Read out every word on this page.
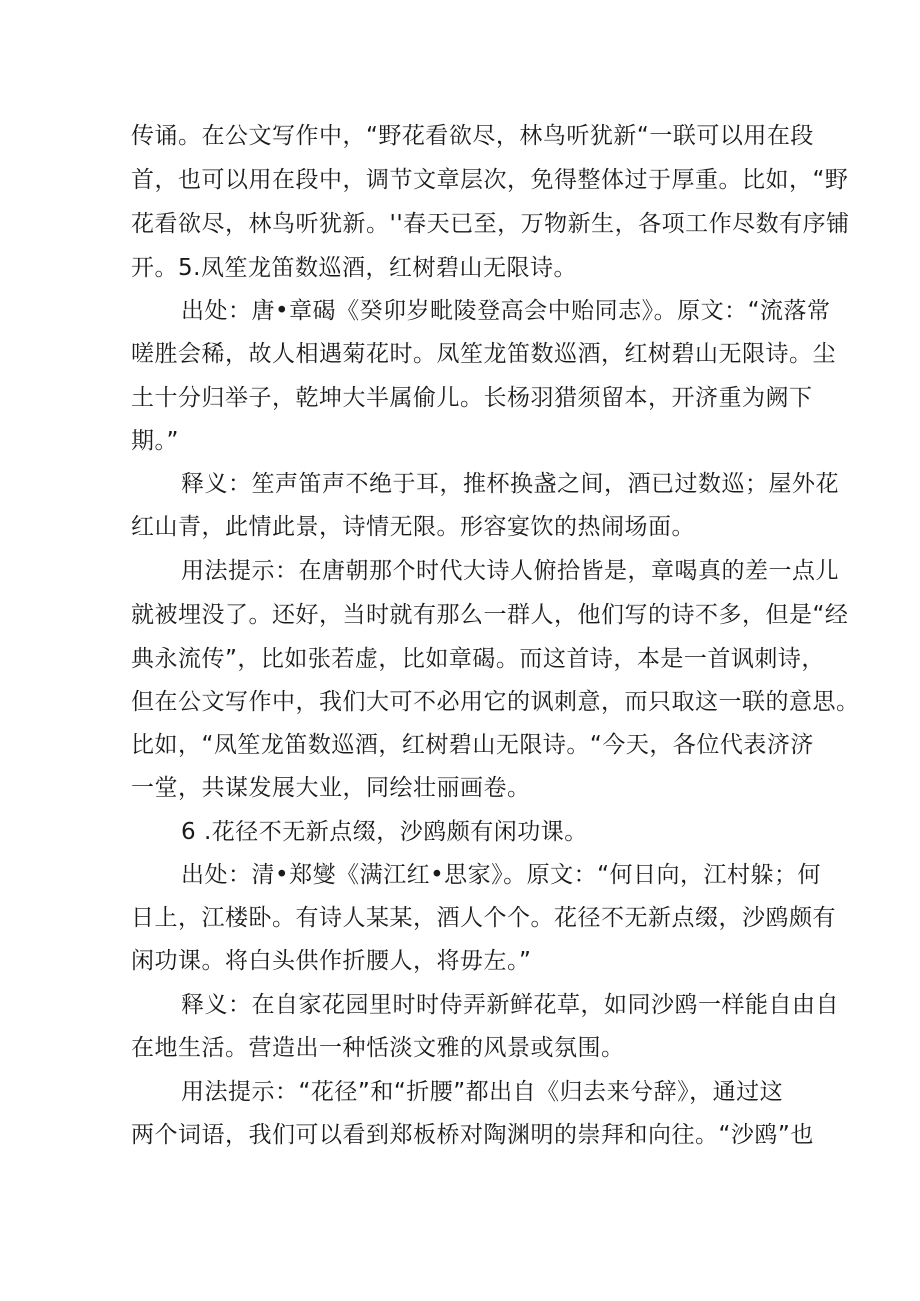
传诵。在公文写作中，“野花看欲尽，林鸟听犹新“一联可以用在段
首，也可以用在段中，调节文章层次，免得整体过于厚重。比如，“野
花看欲尽，林鸟听犹新。''春天已至，万物新生，各项工作尽数有序铺
开。5.凤笙龙笛数巡酒，红树碧山无限诗。
出处：唐•章碣《癸卯岁毗陵登高会中贻同志》。原文：“流落常
嗟胜会稀，故人相遇菊花时。凤笙龙笛数巡酒，红树碧山无限诗。尘
土十分归举子，乾坤大半属偷儿。长杨羽猎须留本，开济重为阙下
期。”
释义：笙声笛声不绝于耳，推杯换盏之间，酒已过数巡；屋外花
红山青，此情此景，诗情无限。形容宴饮的热闹场面。
用法提示：在唐朝那个时代大诗人俯拾皆是，章喝真的差一点儿
就被埋没了。还好，当时就有那么一群人，他们写的诗不多，但是“经
典永流传”，比如张若虚，比如章碣。而这首诗，本是一首讽刺诗，
但在公文写作中，我们大可不必用它的讽刺意，而只取这一联的意思。
比如，“凤笙龙笛数巡酒，红树碧山无限诗。“今天，各位代表济济
一堂，共谋发展大业，同绘壮丽画卷。
6 .花径不无新点缀，沙鸥颇有闲功课。
出处：清•郑燮《满江红•思家》。原文：“何日向，江村躲；何
日上，江楼卧。有诗人某某，酒人个个。花径不无新点缀，沙鸥颇有
闲功课。将白头供作折腰人，将毋左。”
释义：在自家花园里时时侍弄新鲜花草，如同沙鸥一样能自由自
在地生活。营造出一种恬淡文雅的风景或氛围。
用法提示：“花径”和“折腰”都出自《归去来兮辞》，通过这
两个词语，我们可以看到郑板桥对陶渊明的崇拜和向往。“沙鸥”也
